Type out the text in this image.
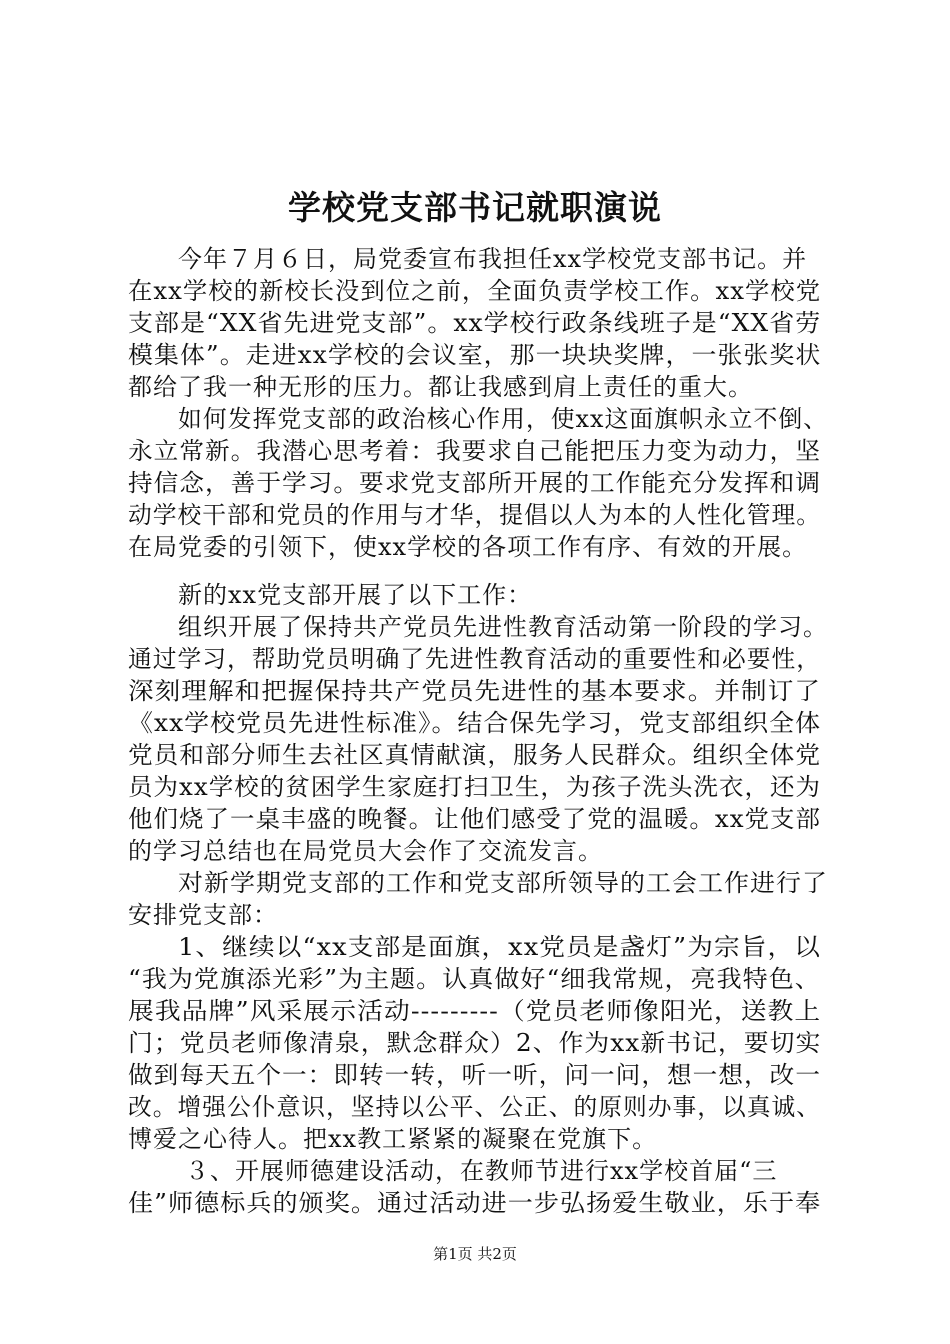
学校党支部书记就职演说
今年７月６日，局党委宣布我担任xx学校党支部书记。并
在xx学校的新校长没到位之前，全面负责学校工作。xx学校党
支部是“XX省先进党支部”。xx学校行政条线班子是“XX省劳
模集体”。走进xx学校的会议室，那一块块奖牌，一张张奖状
都给了我一种无形的压力。都让我感到肩上责任的重大。
如何发挥党支部的政治核心作用，使xx这面旗帜永立不倒、
永立常新。我潜心思考着：我要求自己能把压力变为动力，坚
持信念，善于学习。要求党支部所开展的工作能充分发挥和调
动学校干部和党员的作用与才华，提倡以人为本的人性化管理。
在局党委的引领下，使xx学校的各项工作有序、有效的开展。
新的xx党支部开展了以下工作：
组织开展了保持共产党员先进性教育活动第一阶段的学习。
通过学习，帮助党员明确了先进性教育活动的重要性和必要性，
深刻理解和把握保持共产党员先进性的基本要求。并制订了
《xx学校党员先进性标准》。结合保先学习，党支部组织全体
党员和部分师生去社区真情献演，服务人民群众。组织全体党
员为xx学校的贫困学生家庭打扫卫生，为孩子洗头洗衣，还为
他们烧了一桌丰盛的晚餐。让他们感受了党的温暖。xx党支部
的学习总结也在局党员大会作了交流发言。
对新学期党支部的工作和党支部所领导的工会工作进行了
安排党支部：
1、继续以“xx支部是面旗，xx党员是盏灯”为宗旨，以
“我为党旗添光彩”为主题。认真做好“细我常规，亮我特色、
展我品牌”风采展示活动---------（党员老师像阳光，送教上
门；党员老师像清泉，默念群众）2、作为xx新书记，要切实
做到每天五个一：即转一转，听一听，问一问，想一想，改一
改。增强公仆意识，坚持以公平、公正、的原则办事，以真诚、
博爱之心待人。把xx教工紧紧的凝聚在党旗下。
３、开展师德建设活动，在教师节进行xx学校首届“三
佳”师德标兵的颁奖。通过活动进一步弘扬爱生敬业，乐于奉
第1页 共2页
